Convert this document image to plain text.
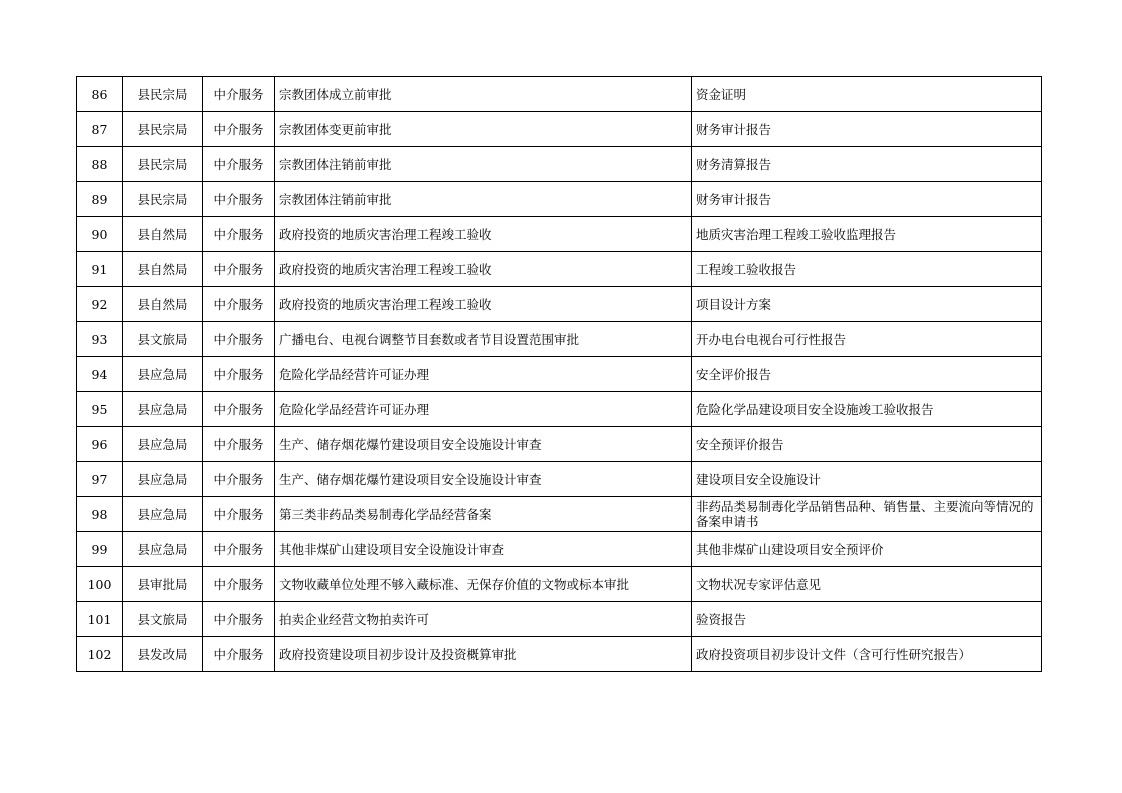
86	县民宗局	中介服务	宗教团体成立前审批	资金证明
87	县民宗局	中介服务	宗教团体变更前审批	财务审计报告
88	县民宗局	中介服务	宗教团体注销前审批	财务清算报告
89	县民宗局	中介服务	宗教团体注销前审批	财务审计报告
90	县自然局	中介服务	政府投资的地质灾害治理工程竣工验收	地质灾害治理工程竣工验收监理报告
91	县自然局	中介服务	政府投资的地质灾害治理工程竣工验收	工程竣工验收报告
92	县自然局	中介服务	政府投资的地质灾害治理工程竣工验收	项目设计方案
93	县文旅局	中介服务	广播电台、电视台调整节目套数或者节目设置范围审批	开办电台电视台可行性报告
94	县应急局	中介服务	危险化学品经营许可证办理	安全评价报告
95	县应急局	中介服务	危险化学品经营许可证办理	危险化学品建设项目安全设施竣工验收报告
96	县应急局	中介服务	生产、储存烟花爆竹建设项目安全设施设计审查	安全预评价报告
97	县应急局	中介服务	生产、储存烟花爆竹建设项目安全设施设计审查	建设项目安全设施设计
98	县应急局	中介服务	第三类非药品类易制毒化学品经营备案	非药品类易制毒化学品销售品种、销售量、主要流向等情况的备案申请书
99	县应急局	中介服务	其他非煤矿山建设项目安全设施设计审查	其他非煤矿山建设项目安全预评价
100	县审批局	中介服务	文物收藏单位处理不够入藏标准、无保存价值的文物或标本审批	文物状况专家评估意见
101	县文旅局	中介服务	拍卖企业经营文物拍卖许可	验资报告
102	县发改局	中介服务	政府投资建设项目初步设计及投资概算审批	政府投资项目初步设计文件（含可行性研究报告）
